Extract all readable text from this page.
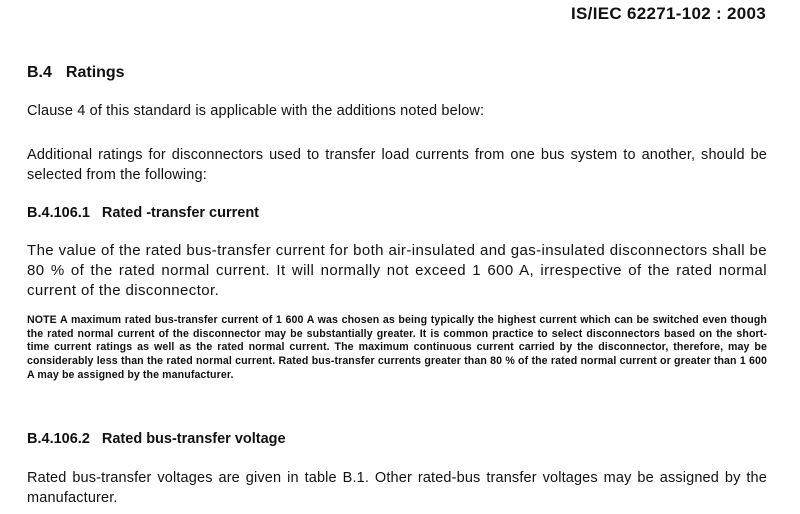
IS/IEC 62271-102 : 2003
B.4 Ratings

Clause 4 of this standard is applicable with the additions noted below:

Additional ratings for disconnectors used to transfer load currents from one bus system to another, should be selected from the following:

B.4.106.1 Rated -transfer current

The value of the rated bus-transfer current for both air-insulated and gas-insulated disconnectors shall be 80 % of the rated normal current. It will normally not exceed 1 600 A, irrespective of the rated normal current of the disconnector.

NOTE A maximum rated bus-transfer current of 1 600 A was chosen as being typically the highest current which can be switched even though the rated normal current of the disconnector may be substantially greater. It is common practice to select disconnectors based on the short-time current ratings as well as the rated normal current. The maximum continuous current carried by the disconnector, therefore, may be considerably less than the rated normal current. Rated bus-transfer currents greater than 80 % of the rated normal current or greater than 1 600 A may be assigned by the manufacturer.

B.4.106.2 Rated bus-transfer voltage

Rated bus-transfer voltages are given in table B.1. Other rated-bus transfer voltages may be assigned by the manufacturer.
